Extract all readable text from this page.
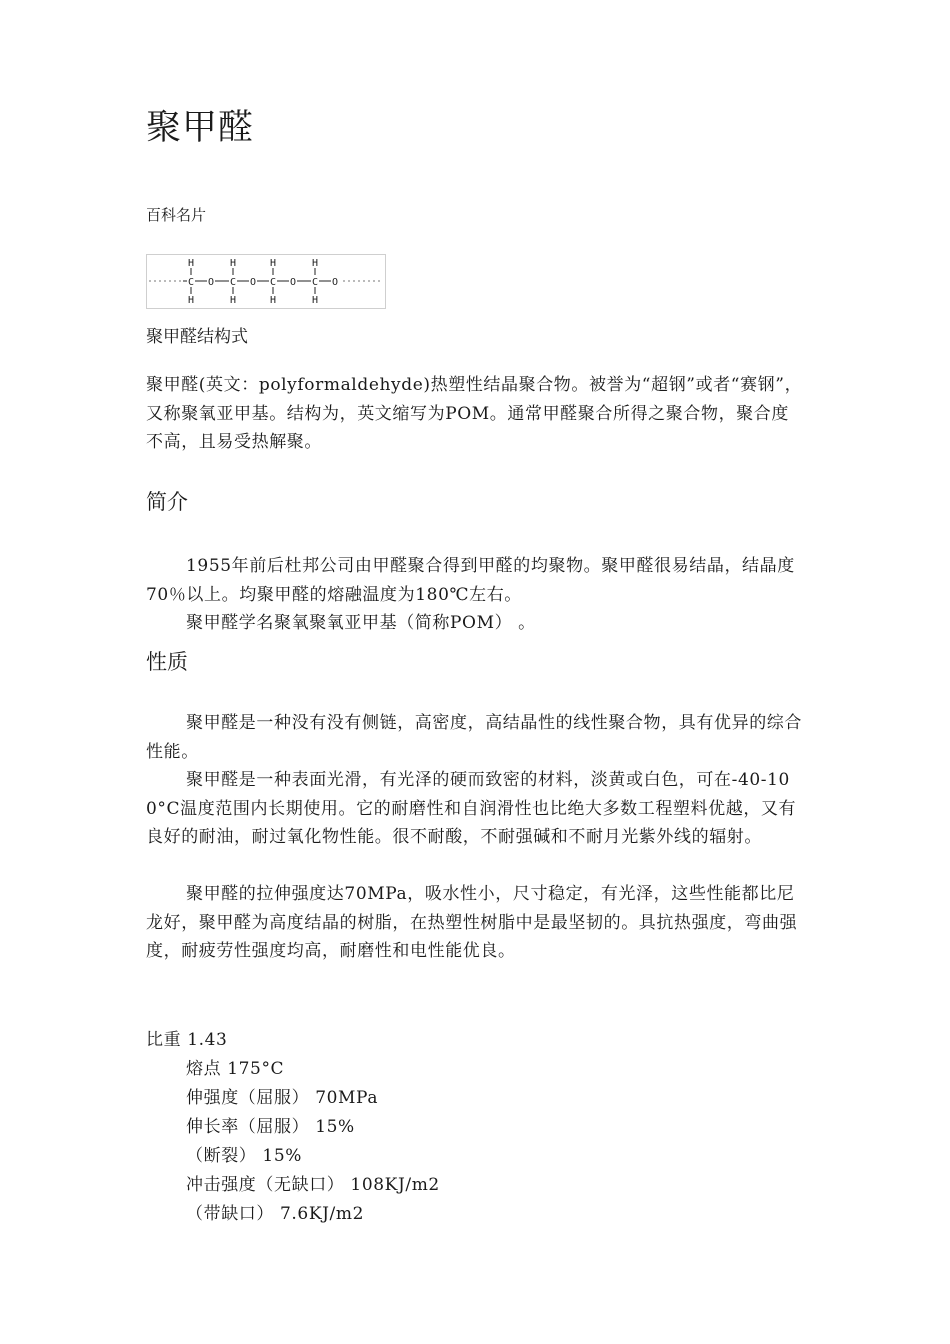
聚甲醛
百科名片
H
C
H
O
H
C
H
O
H
C
H
O
H
C
H
O
聚甲醛结构式
聚甲醛(英文：polyformaldehyde)热塑性结晶聚合物。被誉为“超钢”或者“赛钢”，又称聚氧亚甲基。结构为，英文缩写为POM。通常甲醛聚合所得之聚合物，聚合度不高，且易受热解聚。
简介
1955年前后杜邦公司由甲醛聚合得到甲醛的均聚物。聚甲醛很易结晶，结晶度70％以上。均聚甲醛的熔融温度为180℃左右。
聚甲醛学名聚氧聚氧亚甲基（简称POM） 。
性质
聚甲醛是一种没有没有侧链，高密度，高结晶性的线性聚合物，具有优异的综合性能。
聚甲醛是一种表面光滑，有光泽的硬而致密的材料，淡黄或白色，可在-40-100°C温度范围内长期使用。它的耐磨性和自润滑性也比绝大多数工程塑料优越，又有良好的耐油，耐过氧化物性能。很不耐酸，不耐强碱和不耐月光紫外线的辐射。
聚甲醛的拉伸强度达70MPa，吸水性小，尺寸稳定，有光泽，这些性能都比尼龙好，聚甲醛为高度结晶的树脂，在热塑性树脂中是最坚韧的。具抗热强度，弯曲强度，耐疲劳性强度均高，耐磨性和电性能优良。
比重 1.43
熔点 175°C
伸强度（屈服） 70MPa
伸长率（屈服） 15%
（断裂） 15%
冲击强度（无缺口） 108KJ/m2
（带缺口） 7.6KJ/m2
